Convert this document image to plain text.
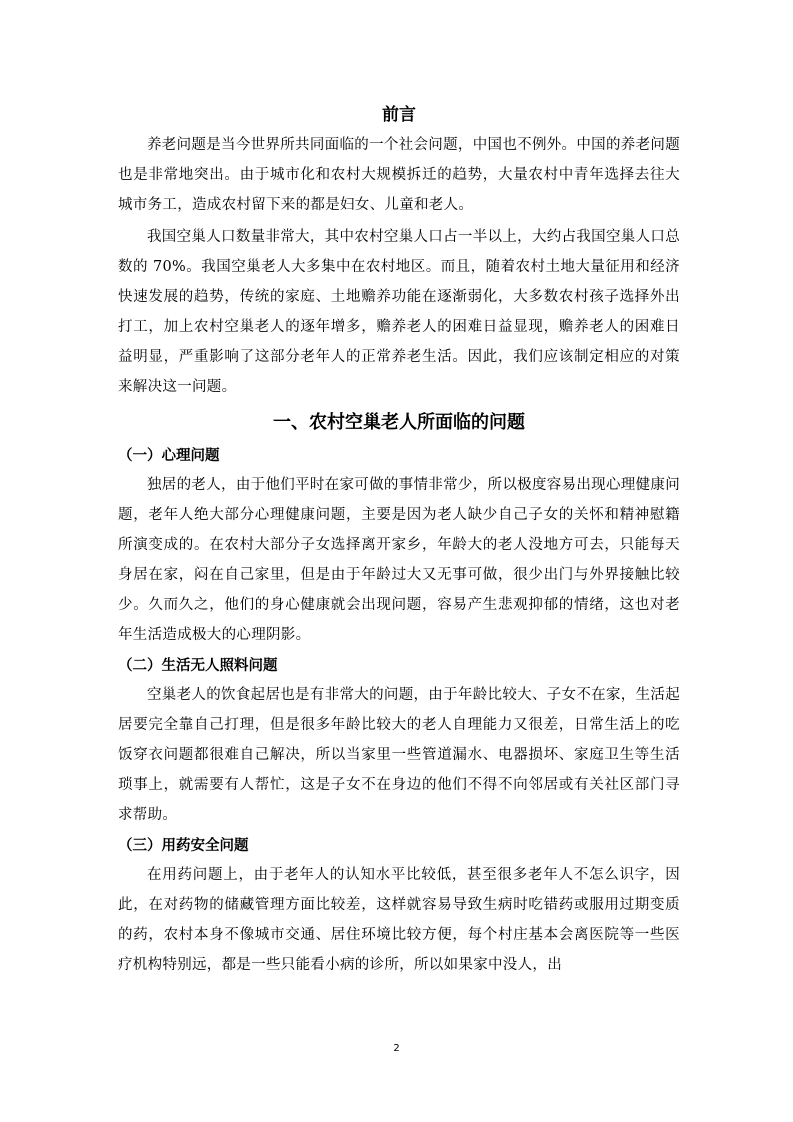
前言

养老问题是当今世界所共同面临的一个社会问题，中国也不例外。中国的养老问题也是非常地突出。由于城市化和农村大规模拆迁的趋势，大量农村中青年选择去往大城市务工，造成农村留下来的都是妇女、儿童和老人。

我国空巢人口数量非常大，其中农村空巢人口占一半以上，大约占我国空巢人口总数的 70%。我国空巢老人大多集中在农村地区。而且，随着农村土地大量征用和经济快速发展的趋势，传统的家庭、土地赡养功能在逐渐弱化，大多数农村孩子选择外出打工，加上农村空巢老人的逐年增多，赡养老人的困难日益显现，赡养老人的困难日益明显，严重影响了这部分老年人的正常养老生活。因此，我们应该制定相应的对策来解决这一问题。

一、农村空巢老人所面临的问题
（一）心理问题

独居的老人，由于他们平时在家可做的事情非常少，所以极度容易出现心理健康问题，老年人绝大部分心理健康问题，主要是因为老人缺少自己子女的关怀和精神慰籍所演变成的。在农村大部分子女选择离开家乡，年龄大的老人没地方可去，只能每天身居在家，闷在自己家里，但是由于年龄过大又无事可做，很少出门与外界接触比较少。久而久之，他们的身心健康就会出现问题，容易产生悲观抑郁的情绪，这也对老年生活造成极大的心理阴影。

（二）生活无人照料问题

空巢老人的饮食起居也是有非常大的问题，由于年龄比较大、子女不在家，生活起居要完全靠自己打理，但是很多年龄比较大的老人自理能力又很差，日常生活上的吃饭穿衣问题都很难自己解决，所以当家里一些管道漏水、电器损坏、家庭卫生等生活琐事上，就需要有人帮忙，这是子女不在身边的他们不得不向邻居或有关社区部门寻求帮助。

（三）用药安全问题

在用药问题上，由于老年人的认知水平比较低，甚至很多老年人不怎么识字，因此，在对药物的储藏管理方面比较差，这样就容易导致生病时吃错药或服用过期变质的药，农村本身不像城市交通、居住环境比较方便，每个村庄基本会离医院等一些医疗机构特别远，都是一些只能看小病的诊所，所以如果家中没人，出

2
